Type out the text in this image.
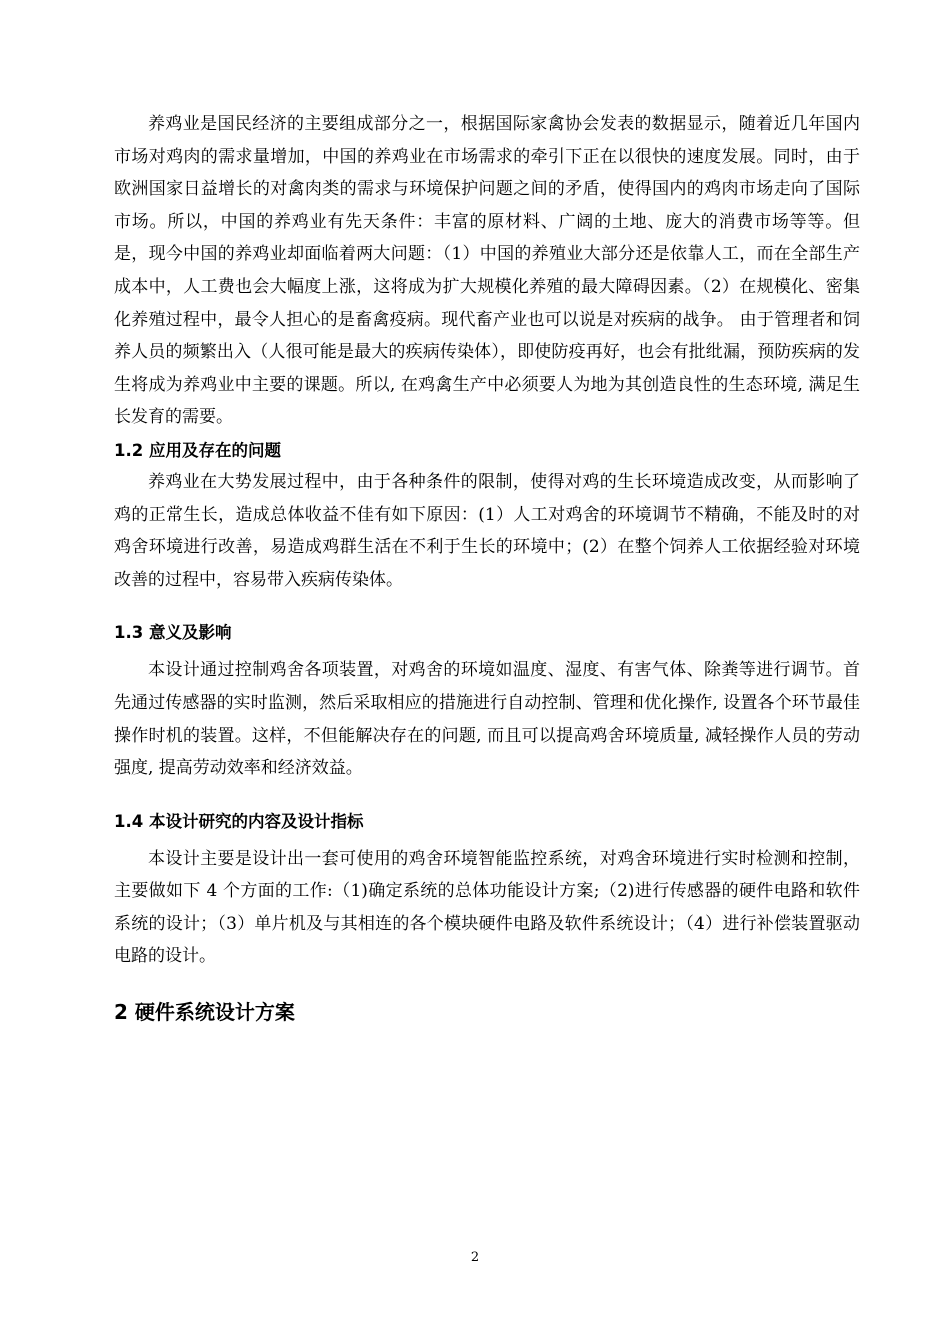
养鸡业是国民经济的主要组成部分之一，根据国际家禽协会发表的数据显示，随着近几年国内市场对鸡肉的需求量增加，中国的养鸡业在市场需求的牵引下正在以很快的速度发展。同时，由于欧洲国家日益增长的对禽肉类的需求与环境保护问题之间的矛盾，使得国内的鸡肉市场走向了国际市场。所以，中国的养鸡业有先天条件：丰富的原材料、广阔的土地、庞大的消费市场等等。但是，现今中国的养鸡业却面临着两大问题：（1）中国的养殖业大部分还是依靠人工，而在全部生产成本中，人工费也会大幅度上涨，这将成为扩大规模化养殖的最大障碍因素。（2）在规模化、密集化养殖过程中，最令人担心的是畜禽疫病。现代畜产业也可以说是对疾病的战争。 由于管理者和饲养人员的频繁出入（人很可能是最大的疾病传染体），即使防疫再好，也会有批纰漏，预防疾病的发生将成为养鸡业中主要的课题。所以, 在鸡禽生产中必须要人为地为其创造良性的生态环境, 满足生长发育的需要。

1.2 应用及存在的问题

养鸡业在大势发展过程中，由于各种条件的限制，使得对鸡的生长环境造成改变，从而影响了鸡的正常生长，造成总体收益不佳有如下原因：(1）人工对鸡舍的环境调节不精确，不能及时的对鸡舍环境进行改善，易造成鸡群生活在不利于生长的环境中；(2）在整个饲养人工依据经验对环境改善的过程中，容易带入疾病传染体。

1.3 意义及影响

本设计通过控制鸡舍各项装置，对鸡舍的环境如温度、湿度、有害气体、除粪等进行调节。首先通过传感器的实时监测，然后采取相应的措施进行自动控制、管理和优化操作, 设置各个环节最佳操作时机的装置。这样，不但能解决存在的问题, 而且可以提高鸡舍环境质量, 减轻操作人员的劳动强度, 提高劳动效率和经济效益。

1.4 本设计研究的内容及设计指标

本设计主要是设计出一套可使用的鸡舍环境智能监控系统，对鸡舍环境进行实时检测和控制，主要做如下 4 个方面的工作:（1)确定系统的总体功能设计方案;（2)进行传感器的硬件电路和软件系统的设计；（3）单片机及与其相连的各个模块硬件电路及软件系统设计；（4）进行补偿装置驱动电路的设计。

2 硬件系统设计方案
2
